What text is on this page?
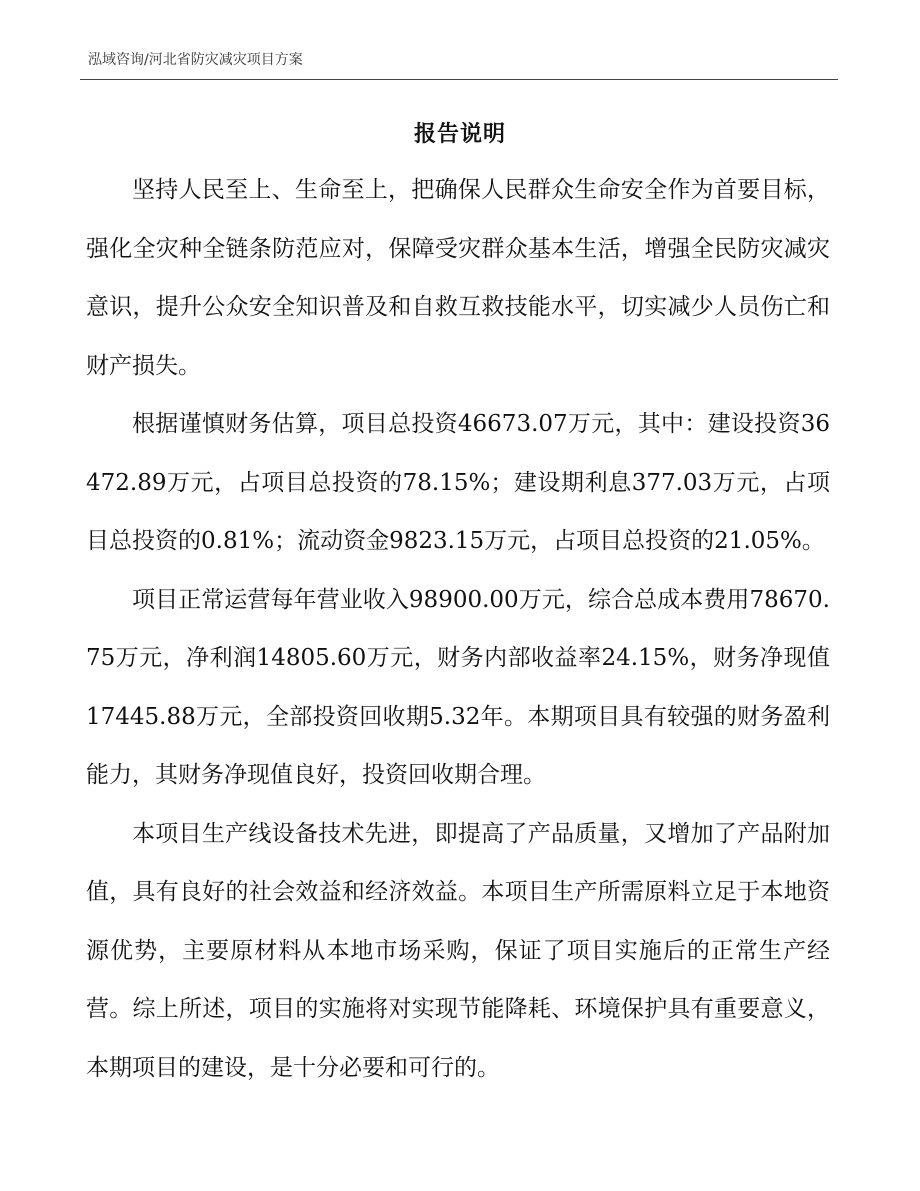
泓域咨询/河北省防灾减灾项目方案
报告说明

坚持人民至上、生命至上，把确保人民群众生命安全作为首要目标，强化全灾种全链条防范应对，保障受灾群众基本生活，增强全民防灾减灾意识，提升公众安全知识普及和自救互救技能水平，切实减少人员伤亡和财产损失。

根据谨慎财务估算，项目总投资46673.07万元，其中：建设投资36472.89万元，占项目总投资的78.15%；建设期利息377.03万元，占项目总投资的0.81%；流动资金9823.15万元，占项目总投资的21.05%。

项目正常运营每年营业收入98900.00万元，综合总成本费用78670.75万元，净利润14805.60万元，财务内部收益率24.15%，财务净现值17445.88万元，全部投资回收期5.32年。本期项目具有较强的财务盈利能力，其财务净现值良好，投资回收期合理。

本项目生产线设备技术先进，即提高了产品质量，又增加了产品附加值，具有良好的社会效益和经济效益。本项目生产所需原料立足于本地资源优势，主要原材料从本地市场采购，保证了项目实施后的正常生产经营。综上所述，项目的实施将对实现节能降耗、环境保护具有重要意义，本期项目的建设，是十分必要和可行的。
